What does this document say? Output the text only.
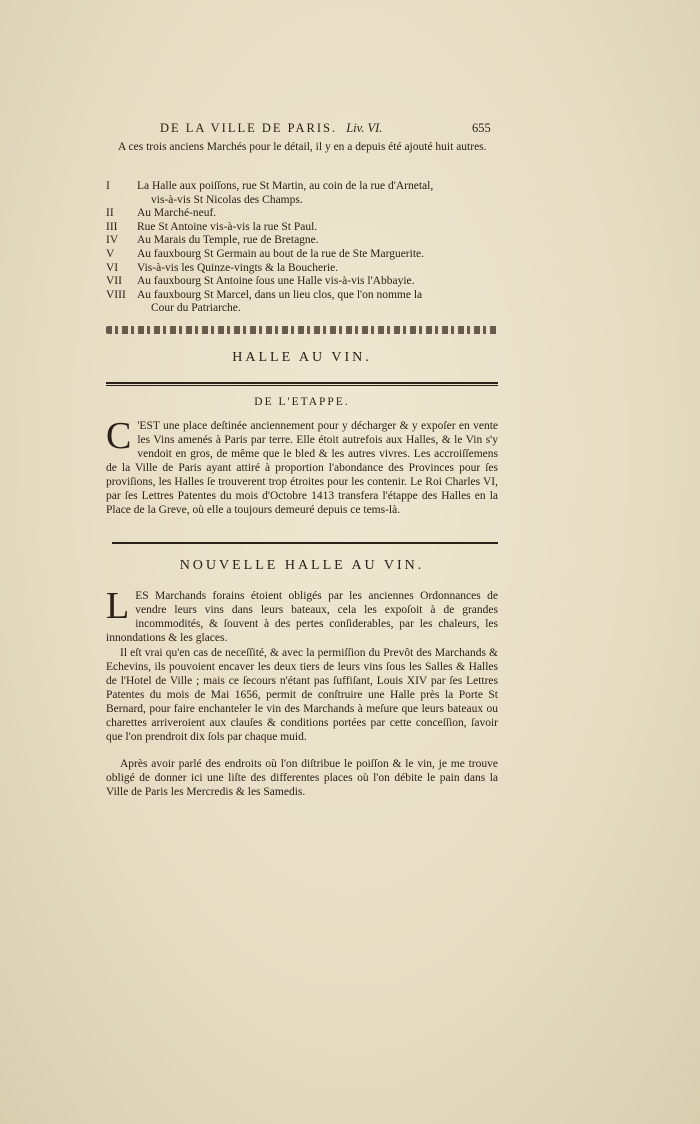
DE LA VILLE DE PARIS. Liv. VI.	655
A ces trois anciens Marchés pour le détail, il y en a depuis été ajouté huit autres.
I	La Halle aux poiſſons, rue St Martin, au coin de la rue d'Arnetal,
vis-à-vis St Nicolas des Champs.
II	Au Marché-neuf.
III	Rue St Antoine vis-à-vis la rue St Paul.
IV	Au Marais du Temple, rue de Bretagne.
V	Au fauxbourg St Germain au bout de la rue de Ste Marguerite.
VI	Vis-à-vis les Quinze-vingts & la Boucherie.
VII	Au fauxbourg St Antoine ſous une Halle vis-à-vis l'Abbayie.
VIII Au fauxbourg St Marcel, dans un lieu clos, que l'on nomme la
Cour du Patriarche.
HALLE AU VIN.
DE L'ETAPPE.
C 'EST une place deſtinée anciennement pour y décharger & y expoſer en vente les Vins amenés à Paris par terre. Elle étoit autrefois aux Halles, & le Vin s'y vendoit en gros, de même que le bled & les autres vivres. Les accroiſſemens de la Ville de Paris ayant attiré à proportion l'abondance des Provinces pour ſes proviſions, les Halles ſe trouverent trop étroites pour les contenir. Le Roi Charles VI, par ſes Lettres Patentes du mois d'Octobre 1413 transfera l'étappe des Halles en la Place de la Greve, où elle a toujours demeuré depuis ce tems-là.
NOUVELLE HALLE AU VIN.
LES Marchands forains étoient obligés par les anciennes Ordonnances de vendre leurs vins dans leurs bateaux, cela les expoſoit à de grandes incommodités, & ſouvent à des pertes conſiderables, par les chaleurs, les innondations & les glaces.
Il eſt vrai qu'en cas de neceſſité, & avec la permiſſion du Prevôt des Marchands & Echevins, ils pouvoient encaver les deux tiers de leurs vins ſous les Salles & Halles de l'Hotel de Ville ; mais ce ſecours n'étant pas ſuffiſant, Louis XIV par ſes Lettres Patentes du mois de Mai 1656, permit de conſtruire une Halle près la Porte St Bernard, pour faire enchanteler le vin des Marchands à meſure que leurs bateaux ou charettes arriveroient aux clauſes & conditions portées par cette conceſſion, ſavoir que l'on prendroit dix ſols par chaque muid.
Après avoir parlé des endroits où l'on diſtribue le poiſſon & le vin, je me trouve obligé de donner ici une liſte des differentes places où l'on débite le pain dans la Ville de Paris les Mercredis & les Samedis.
